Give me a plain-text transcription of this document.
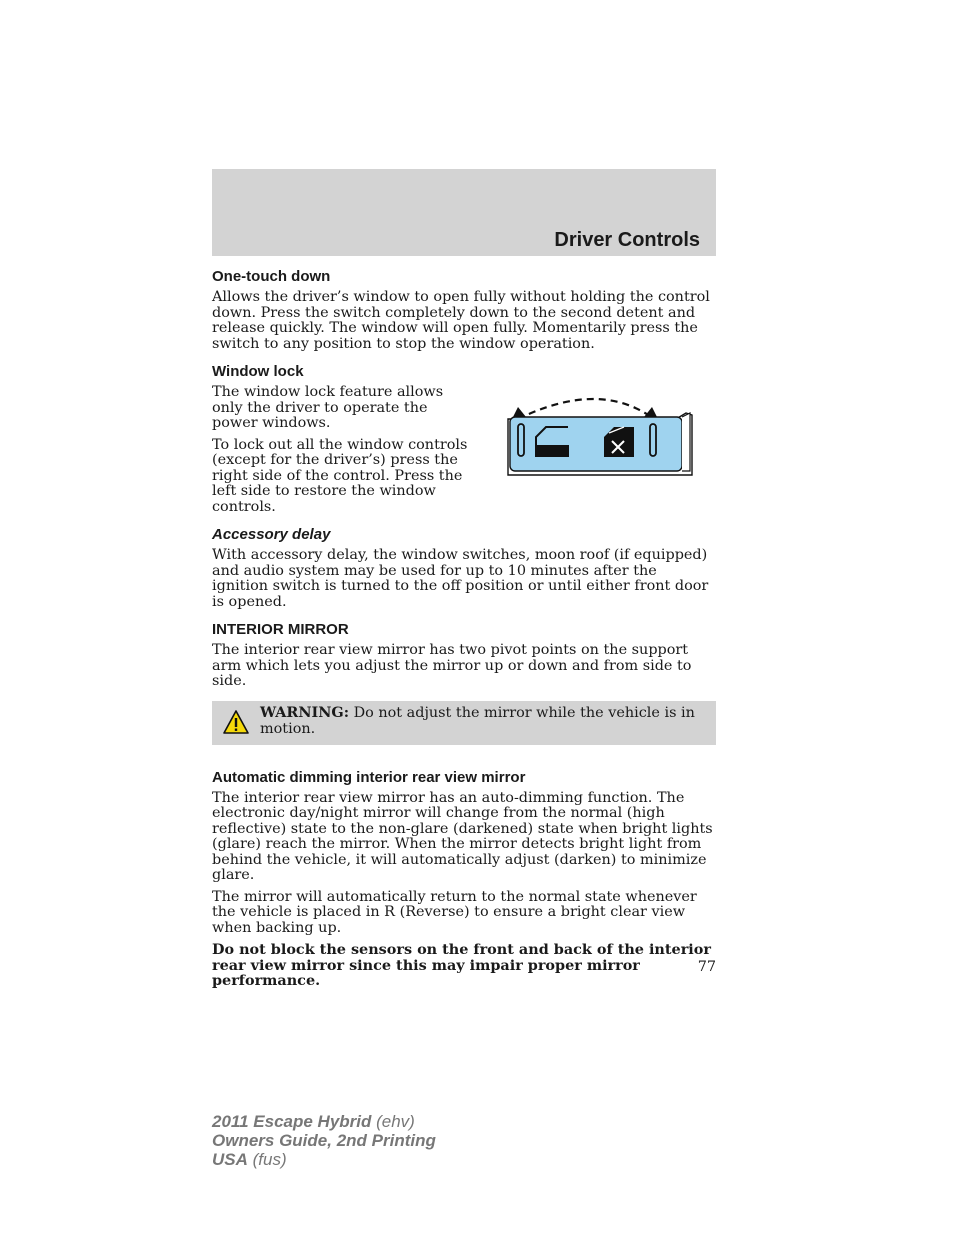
Driver Controls
One-touch down

Allows the driver’s window to open fully without holding the control down. Press the switch completely down to the second detent and release quickly. The window will open fully. Momentarily press the switch to any position to stop the window operation.

Window lock

The window lock feature allows only the driver to operate the power windows.

To lock out all the window controls (except for the driver’s) press the right side of the control. Press the left side to restore the window controls.

Accessory delay

With accessory delay, the window switches, moon roof (if equipped) and audio system may be used for up to 10 minutes after the ignition switch is turned to the off position or until either front door is opened.

INTERIOR MIRROR

The interior rear view mirror has two pivot points on the support arm which lets you adjust the mirror up or down and from side to side.

WARNING: Do not adjust the mirror while the vehicle is in motion.
Automatic dimming interior rear view mirror

The interior rear view mirror has an auto-dimming function. The electronic day/night mirror will change from the normal (high reflective) state to the non-glare (darkened) state when bright lights (glare) reach the mirror. When the mirror detects bright light from behind the vehicle, it will automatically adjust (darken) to minimize glare.

The mirror will automatically return to the normal state whenever the vehicle is placed in R (Reverse) to ensure a bright clear view when backing up.

Do not block the sensors on the front and back of the interior rear view mirror since this may impair proper mirror performance.

77
2011 Escape Hybrid (ehv)
Owners Guide, 2nd Printing
USA (fus)
